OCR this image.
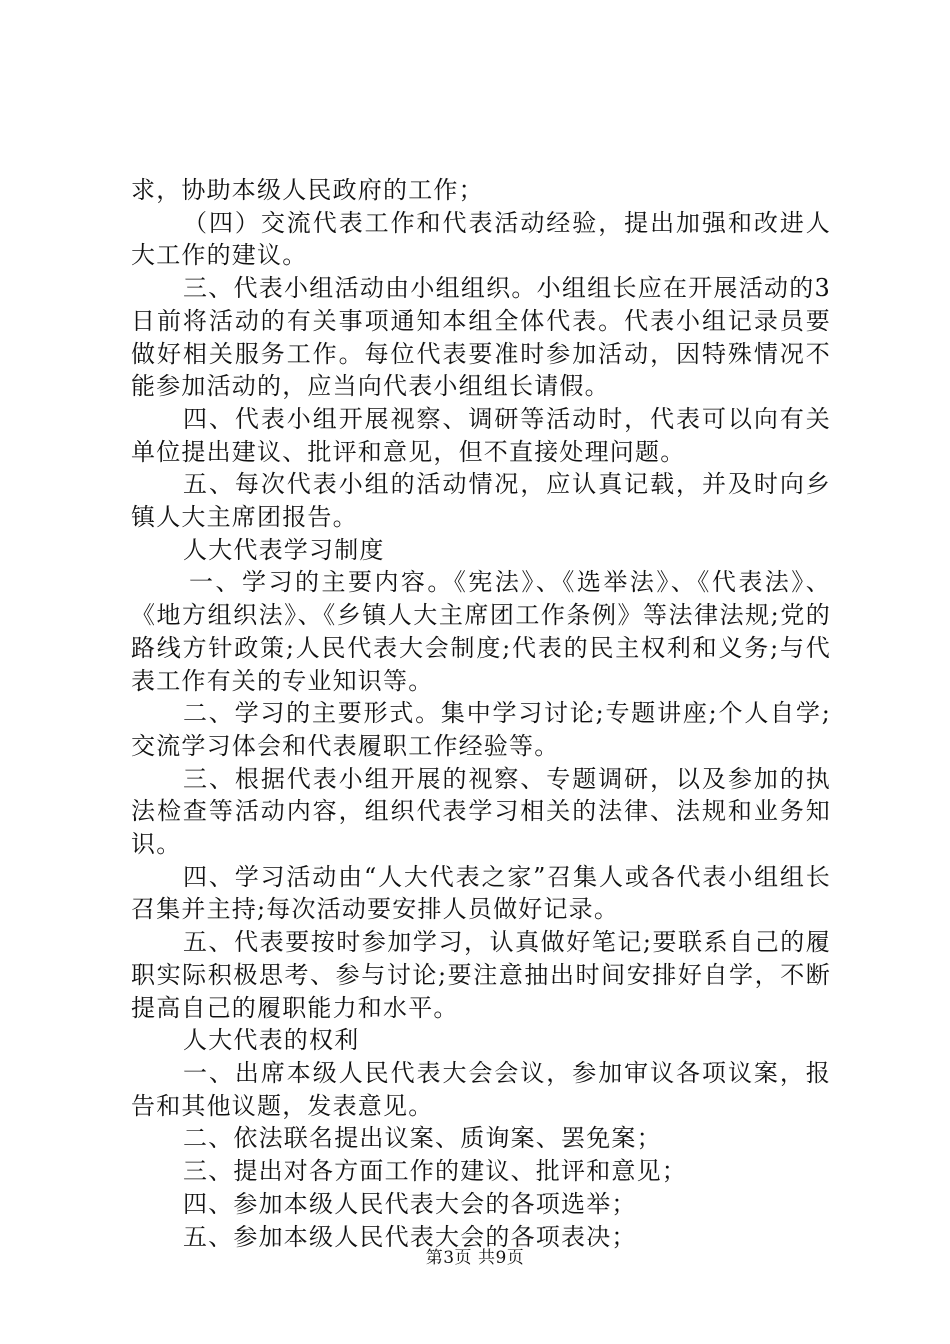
求，协助本级人民政府的工作；

（四）交流代表工作和代表活动经验，提出加强和改进人大工作的建议。

三、代表小组活动由小组组织。小组组长应在开展活动的3日前将活动的有关事项通知本组全体代表。代表小组记录员要做好相关服务工作。每位代表要准时参加活动，因特殊情况不能参加活动的，应当向代表小组组长请假。

四、代表小组开展视察、调研等活动时，代表可以向有关单位提出建议、批评和意见，但不直接处理问题。

五、每次代表小组的活动情况，应认真记载，并及时向乡镇人大主席团报告。

人大代表学习制度

一、学习的主要内容。《宪法》、《选举法》、《代表法》、《地方组织法》、《乡镇人大主席团工作条例》等法律法规;党的路线方针政策;人民代表大会制度;代表的民主权利和义务;与代表工作有关的专业知识等。

二、学习的主要形式。集中学习讨论;专题讲座;个人自学;交流学习体会和代表履职工作经验等。

三、根据代表小组开展的视察、专题调研，以及参加的执法检查等活动内容，组织代表学习相关的法律、法规和业务知识。

四、学习活动由“人大代表之家”召集人或各代表小组组长召集并主持;每次活动要安排人员做好记录。

五、代表要按时参加学习，认真做好笔记;要联系自己的履职实际积极思考、参与讨论;要注意抽出时间安排好自学，不断提高自己的履职能力和水平。

人大代表的权利

一、出席本级人民代表大会会议，参加审议各项议案，报告和其他议题，发表意见。

二、依法联名提出议案、质询案、罢免案；

三、提出对各方面工作的建议、批评和意见；

四、参加本级人民代表大会的各项选举；

五、参加本级人民代表大会的各项表决；

第3页 共9页
